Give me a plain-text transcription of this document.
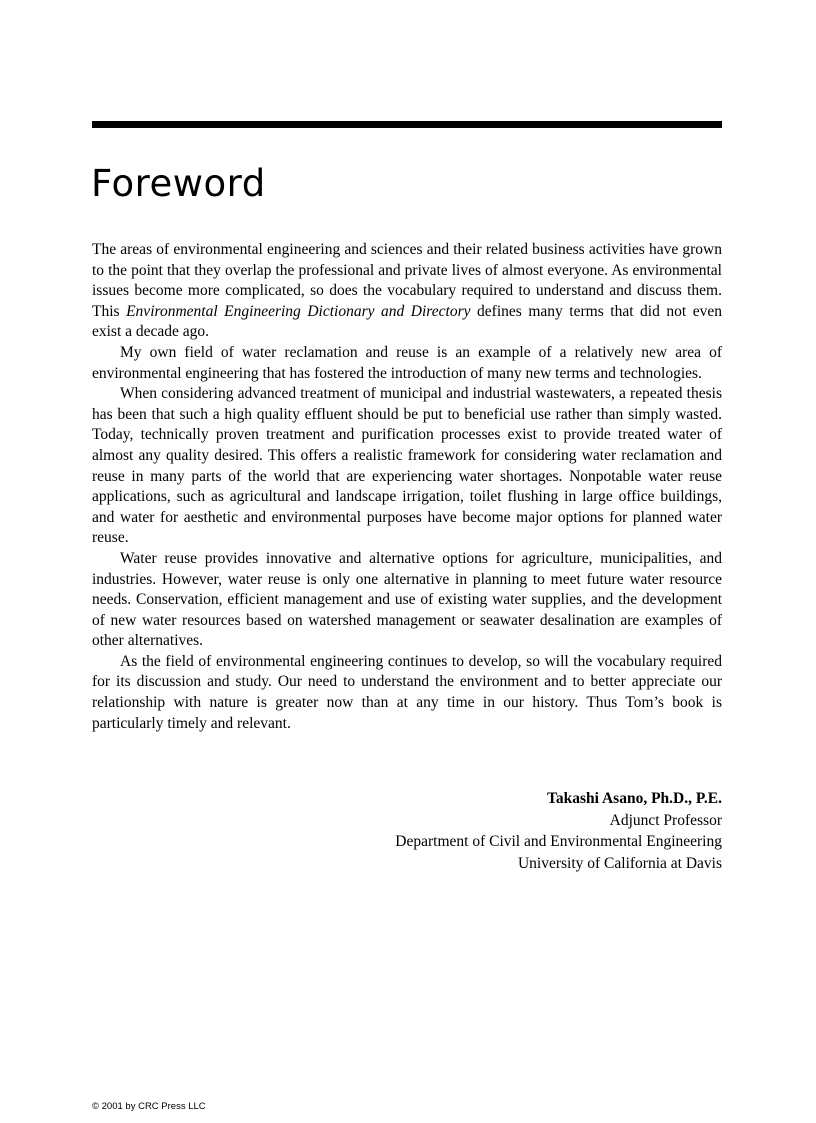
Foreword

The areas of environmental engineering and sciences and their related business activities have grown to the point that they overlap the professional and private lives of almost everyone. As environmental issues become more complicated, so does the vocabulary required to understand and discuss them. This Environmental Engineering Dictionary and Directory defines many terms that did not even exist a decade ago.

My own field of water reclamation and reuse is an example of a relatively new area of environmental engineering that has fostered the introduction of many new terms and technologies.

When considering advanced treatment of municipal and industrial wastewaters, a repeated thesis has been that such a high quality effluent should be put to beneficial use rather than simply wasted. Today, technically proven treatment and purification processes exist to provide treated water of almost any quality desired. This offers a realistic framework for considering water reclamation and reuse in many parts of the world that are experiencing water shortages. Nonpotable water reuse applications, such as agricultural and landscape irrigation, toilet flushing in large office buildings, and water for aesthetic and environmental purposes have become major options for planned water reuse.

Water reuse provides innovative and alternative options for agriculture, municipalities, and industries. However, water reuse is only one alternative in planning to meet future water resource needs. Conservation, efficient management and use of existing water supplies, and the development of new water resources based on watershed management or seawater desalination are examples of other alternatives.

As the field of environmental engineering continues to develop, so will the vocabulary required for its discussion and study. Our need to understand the environment and to better appreciate our relationship with nature is greater now than at any time in our history. Thus Tom’s book is particularly timely and relevant.

Takashi Asano, Ph.D., P.E.
Adjunct Professor
Department of Civil and Environmental Engineering
University of California at Davis
© 2001 by CRC Press LLC
